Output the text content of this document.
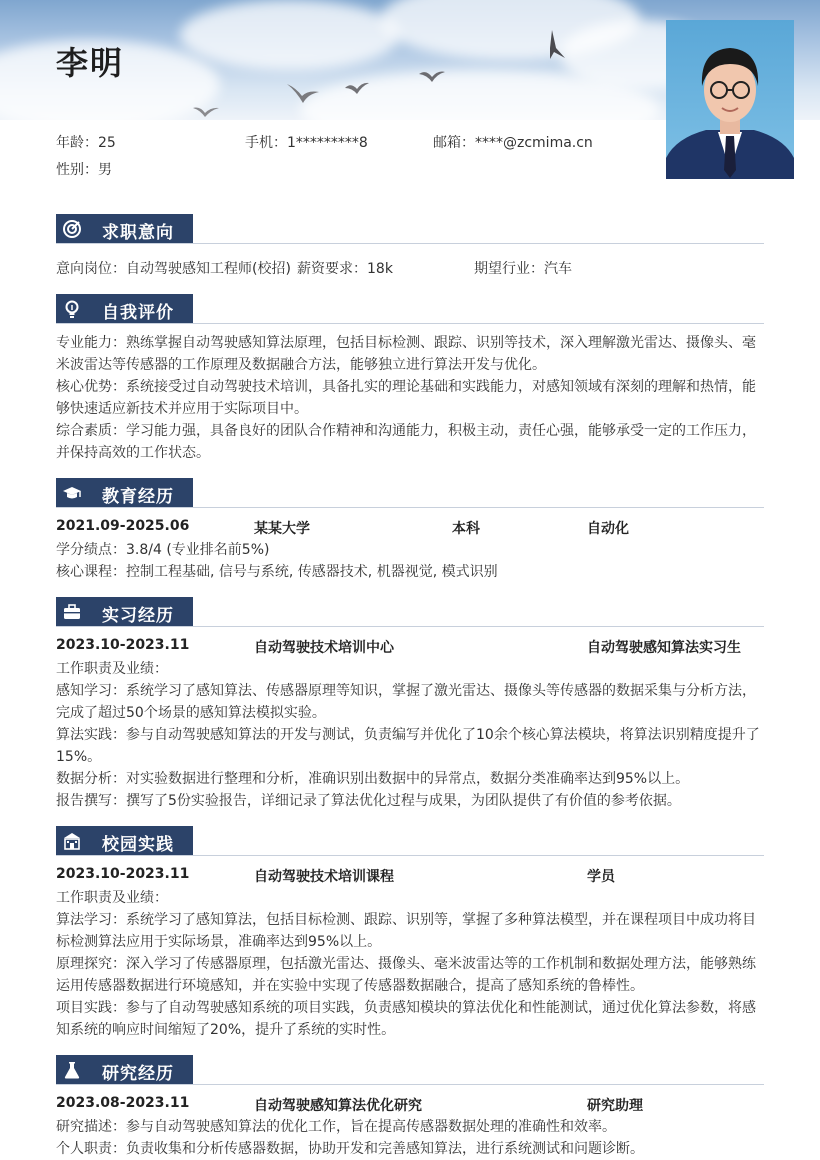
李明
年龄：25	手机：1*********8	邮箱：****@zcmima.cn
性别：男
求职意向
意向岗位：自动驾驶感知工程师(校招) 薪资要求：18k	期望行业：汽车
自我评价
专业能力：熟练掌握自动驾驶感知算法原理，包括目标检测、跟踪、识别等技术，深入理解激光雷达、摄像头、毫
米波雷达等传感器的工作原理及数据融合方法，能够独立进行算法开发与优化。
核心优势：系统接受过自动驾驶技术培训，具备扎实的理论基础和实践能力，对感知领域有深刻的理解和热情，能
够快速适应新技术并应用于实际项目中。
综合素质：学习能力强，具备良好的团队合作精神和沟通能力，积极主动，责任心强，能够承受一定的工作压力，
并保持高效的工作状态。
教育经历
2021.09-2025.06	某某大学	本科	自动化
学分绩点：3.8/4 (专业排名前5%)
核心课程：控制工程基础, 信号与系统, 传感器技术, 机器视觉, 模式识别
实习经历
2023.10-2023.11	自动驾驶技术培训中心	自动驾驶感知算法实习生
工作职责及业绩：
感知学习：系统学习了感知算法、传感器原理等知识，掌握了激光雷达、摄像头等传感器的数据采集与分析方法，
完成了超过50个场景的感知算法模拟实验。
算法实践：参与自动驾驶感知算法的开发与测试，负责编写并优化了10余个核心算法模块，将算法识别精度提升了
15%。
数据分析：对实验数据进行整理和分析，准确识别出数据中的异常点，数据分类准确率达到95%以上。
报告撰写：撰写了5份实验报告，详细记录了算法优化过程与成果，为团队提供了有价值的参考依据。
校园实践
2023.10-2023.11	自动驾驶技术培训课程	学员
工作职责及业绩：
算法学习：系统学习了感知算法，包括目标检测、跟踪、识别等，掌握了多种算法模型，并在课程项目中成功将目
标检测算法应用于实际场景，准确率达到95%以上。
原理探究：深入学习了传感器原理，包括激光雷达、摄像头、毫米波雷达等的工作机制和数据处理方法，能够熟练
运用传感器数据进行环境感知，并在实验中实现了传感器数据融合，提高了感知系统的鲁棒性。
项目实践：参与了自动驾驶感知系统的项目实践，负责感知模块的算法优化和性能测试，通过优化算法参数，将感
知系统的响应时间缩短了20%，提升了系统的实时性。
研究经历
2023.08-2023.11	自动驾驶感知算法优化研究	研究助理
研究描述：参与自动驾驶感知算法的优化工作，旨在提高传感器数据处理的准确性和效率。
个人职责：负责收集和分析传感器数据，协助开发和完善感知算法，进行系统测试和问题诊断。
